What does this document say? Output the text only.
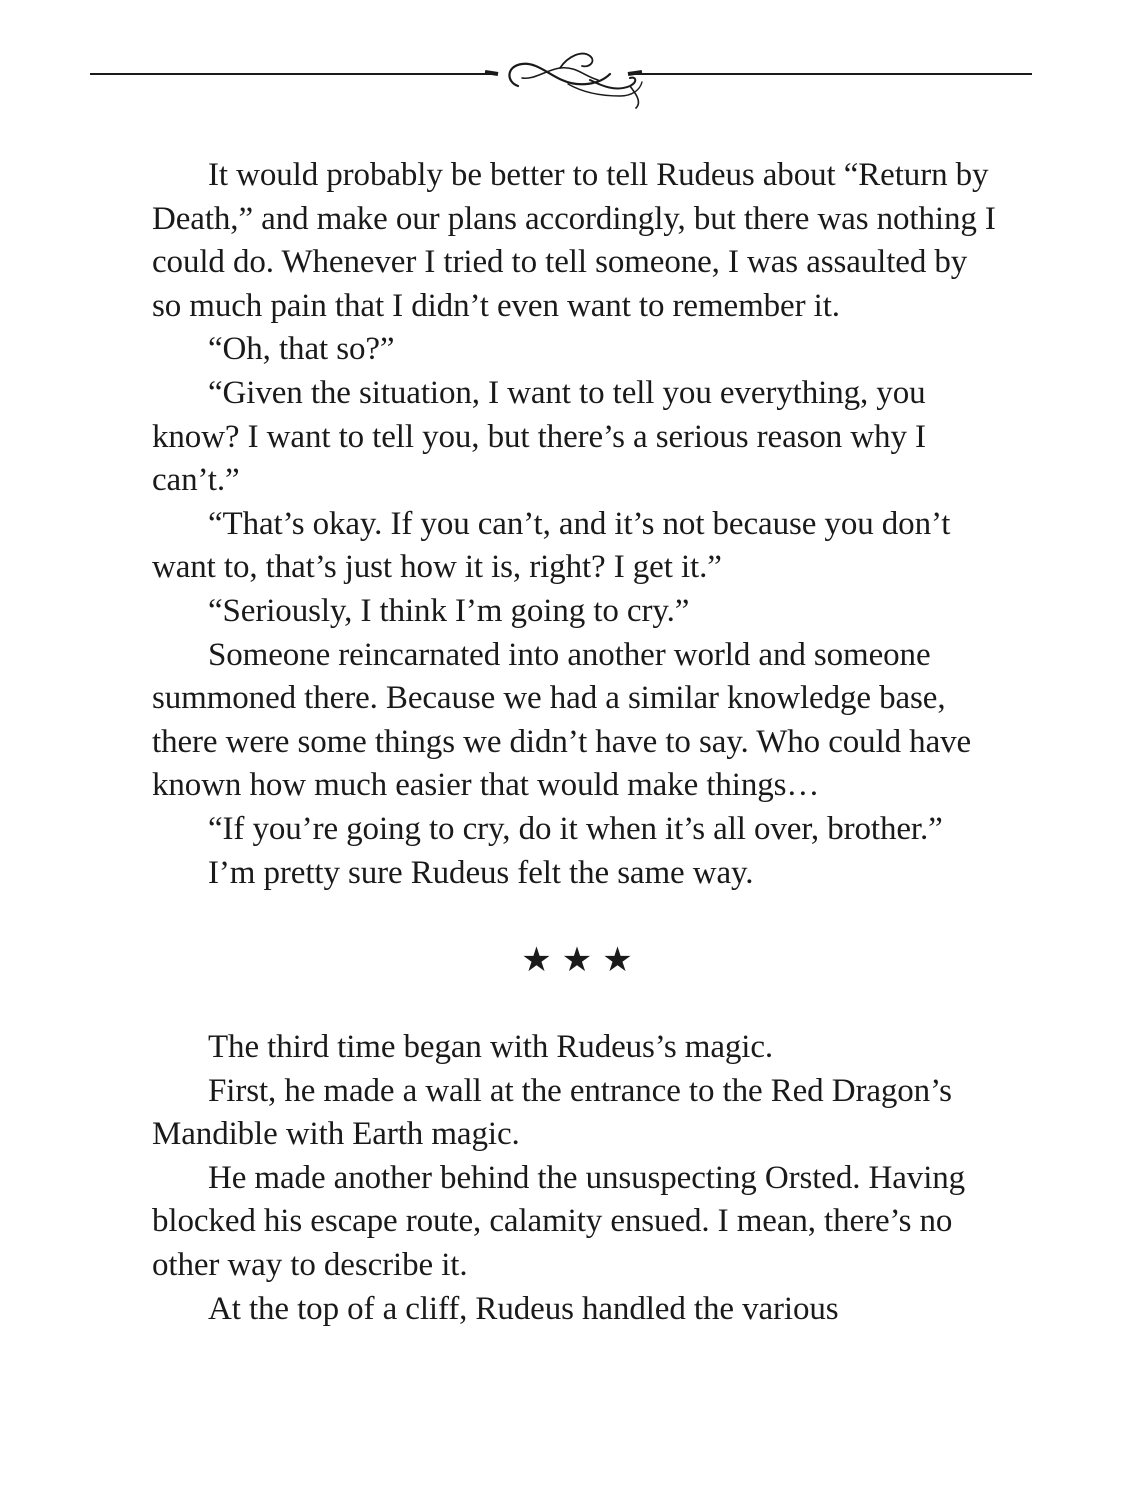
It would probably be better to tell Rudeus about “Return by Death,” and make our plans accordingly, but there was nothing I could do. Whenever I tried to tell someone, I was assaulted by so much pain that I didn’t even want to remember it.

“Oh, that so?”

“Given the situation, I want to tell you everything, you know? I want to tell you, but there’s a serious reason why I can’t.”

“That’s okay. If you can’t, and it’s not because you don’t want to, that’s just how it is, right? I get it.”

“Seriously, I think I’m going to cry.”

Someone reincarnated into another world and someone summoned there. Because we had a similar knowledge base, there were some things we didn’t have to say. Who could have known how much easier that would make things…

“If you’re going to cry, do it when it’s all over, brother.”

I’m pretty sure Rudeus felt the same way.

★★★

The third time began with Rudeus’s magic.

First, he made a wall at the entrance to the Red Dragon’s Mandible with Earth magic.

He made another behind the unsuspecting Orsted. Having blocked his escape route, calamity ensued. I mean, there’s no other way to describe it.

At the top of a cliff, Rudeus handled the various
